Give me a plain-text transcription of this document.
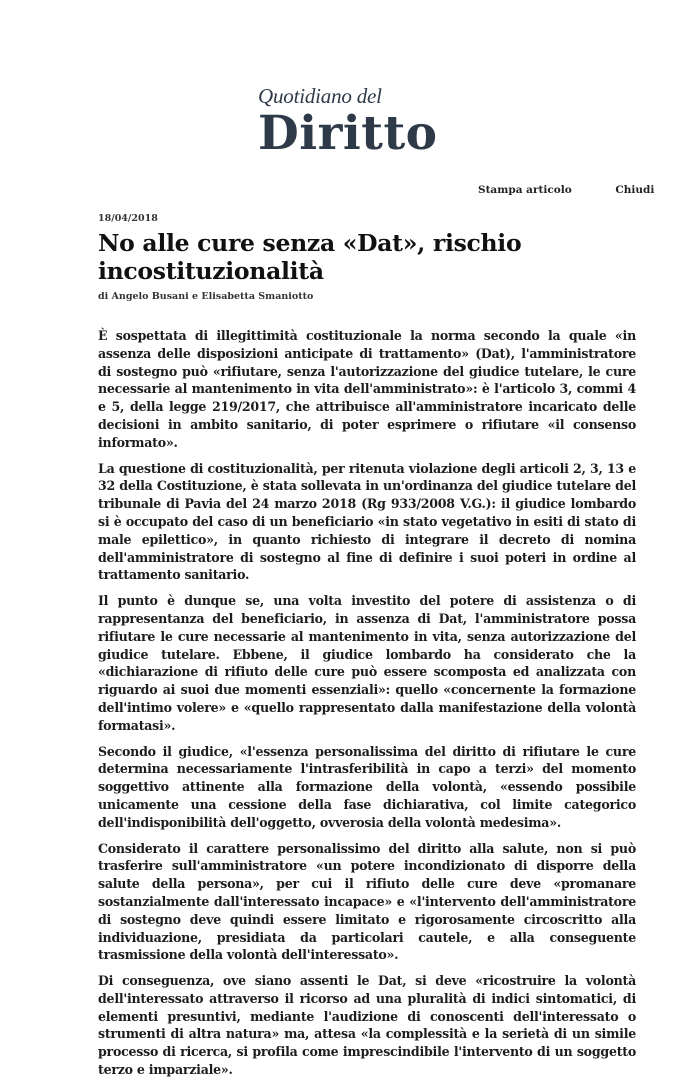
Quotidiano del
Diritto
Stampa articolo	Chiudi
18/04/2018
No alle cure senza «Dat», rischio incostituzionalità
di Angelo Busani e Elisabetta Smaniotto

È sospettata di illegittimità costituzionale la norma secondo la quale «in assenza delle disposizioni anticipate di trattamento» (Dat), l'amministratore di sostegno può «rifiutare, senza l'autorizzazione del giudice tutelare, le cure necessarie al mantenimento in vita dell'amministrato»: è l'articolo 3, commi 4 e 5, della legge 219/2017, che attribuisce all'amministratore incaricato delle decisioni in ambito sanitario, di poter esprimere o rifiutare «il consenso informato».

La questione di costituzionalità, per ritenuta violazione degli articoli 2, 3, 13 e 32 della Costituzione, è stata sollevata in un'ordinanza del giudice tutelare del tribunale di Pavia del 24 marzo 2018 (Rg 933/2008 V.G.): il giudice lombardo si è occupato del caso di un beneficiario «in stato vegetativo in esiti di stato di male epilettico», in quanto richiesto di integrare il decreto di nomina dell'amministratore di sostegno al fine di definire i suoi poteri in ordine al trattamento sanitario.

Il punto è dunque se, una volta investito del potere di assistenza o di rappresentanza del beneficiario, in assenza di Dat, l'amministratore possa rifiutare le cure necessarie al mantenimento in vita, senza autorizzazione del giudice tutelare. Ebbene, il giudice lombardo ha considerato che la «dichiarazione di rifiuto delle cure può essere scomposta ed analizzata con riguardo ai suoi due momenti essenziali»: quello «concernente la formazione dell'intimo volere» e «quello rappresentato dalla manifestazione della volontà formatasi».

Secondo il giudice, «l'essenza personalissima del diritto di rifiutare le cure determina necessariamente l'intrasferibilità in capo a terzi» del momento soggettivo attinente alla formazione della volontà, «essendo possibile unicamente una cessione della fase dichiarativa, col limite categorico dell'indisponibilità dell'oggetto, ovverosia della volontà medesima».

Considerato il carattere personalissimo del diritto alla salute, non si può trasferire sull'amministratore «un potere incondizionato di disporre della salute della persona», per cui il rifiuto delle cure deve «promanare sostanzialmente dall'interessato incapace» e «l'intervento dell'amministratore di sostegno deve quindi essere limitato e rigorosamente circoscritto alla individuazione, presidiata da particolari cautele, e alla conseguente trasmissione della volontà dell'interessato».

Di conseguenza, ove siano assenti le Dat, si deve «ricostruire la volontà dell'interessato attraverso il ricorso ad una pluralità di indici sintomatici, di elementi presuntivi, mediante l'audizione di conoscenti dell'interessato o strumenti di altra natura» ma, attesa «la complessità e la serietà di un simile processo di ricerca, si profila come imprescindibile l'intervento di un soggetto terzo e imparziale».
